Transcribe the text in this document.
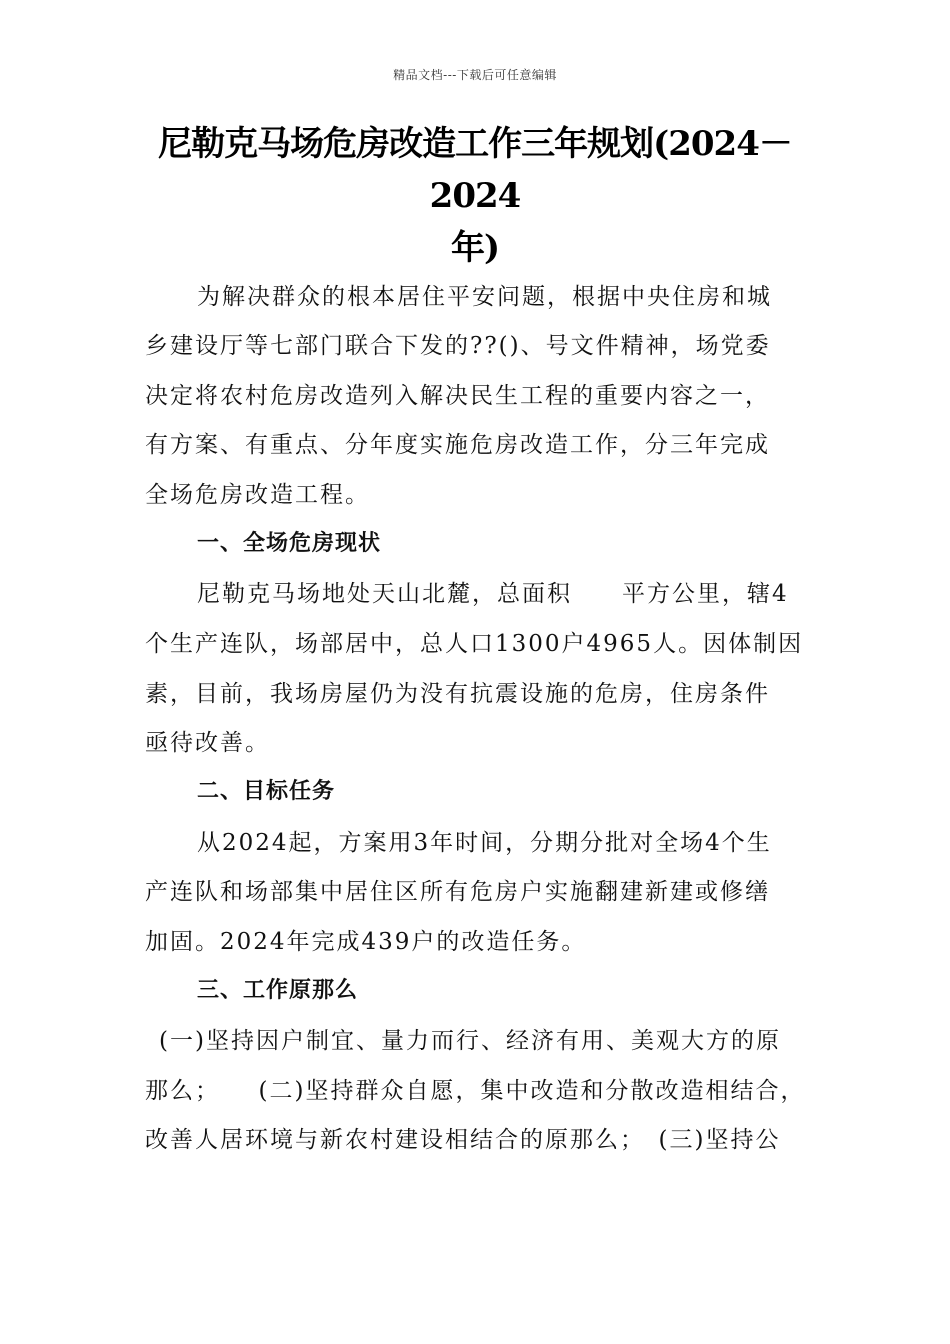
精品文档---下载后可任意编辑
尼勒克马场危房改造工作三年规划(2024－2024
年)
为解决群众的根本居住平安问题，根据中央住房和城
乡建设厅等七部门联合下发的??()、号文件精神，场党委
决定将农村危房改造列入解决民生工程的重要内容之一，
有方案、有重点、分年度实施危房改造工作，分三年完成
全场危房改造工程。
一、全场危房现状
尼勒克马场地处天山北麓，总面积　　平方公里，辖4
个生产连队，场部居中，总人口1300户4965人。因体制因
素，目前，我场房屋仍为没有抗震设施的危房，住房条件
亟待改善。
二、目标任务
从2024起，方案用3年时间，分期分批对全场4个生
产连队和场部集中居住区所有危房户实施翻建新建或修缮
加固。2024年完成439户的改造任务。
三、工作原那么
(一)坚持因户制宜、量力而行、经济有用、美观大方的原
那么；　　(二)坚持群众自愿，集中改造和分散改造相结合，
改善人居环境与新农村建设相结合的原那么；　(三)坚持公
